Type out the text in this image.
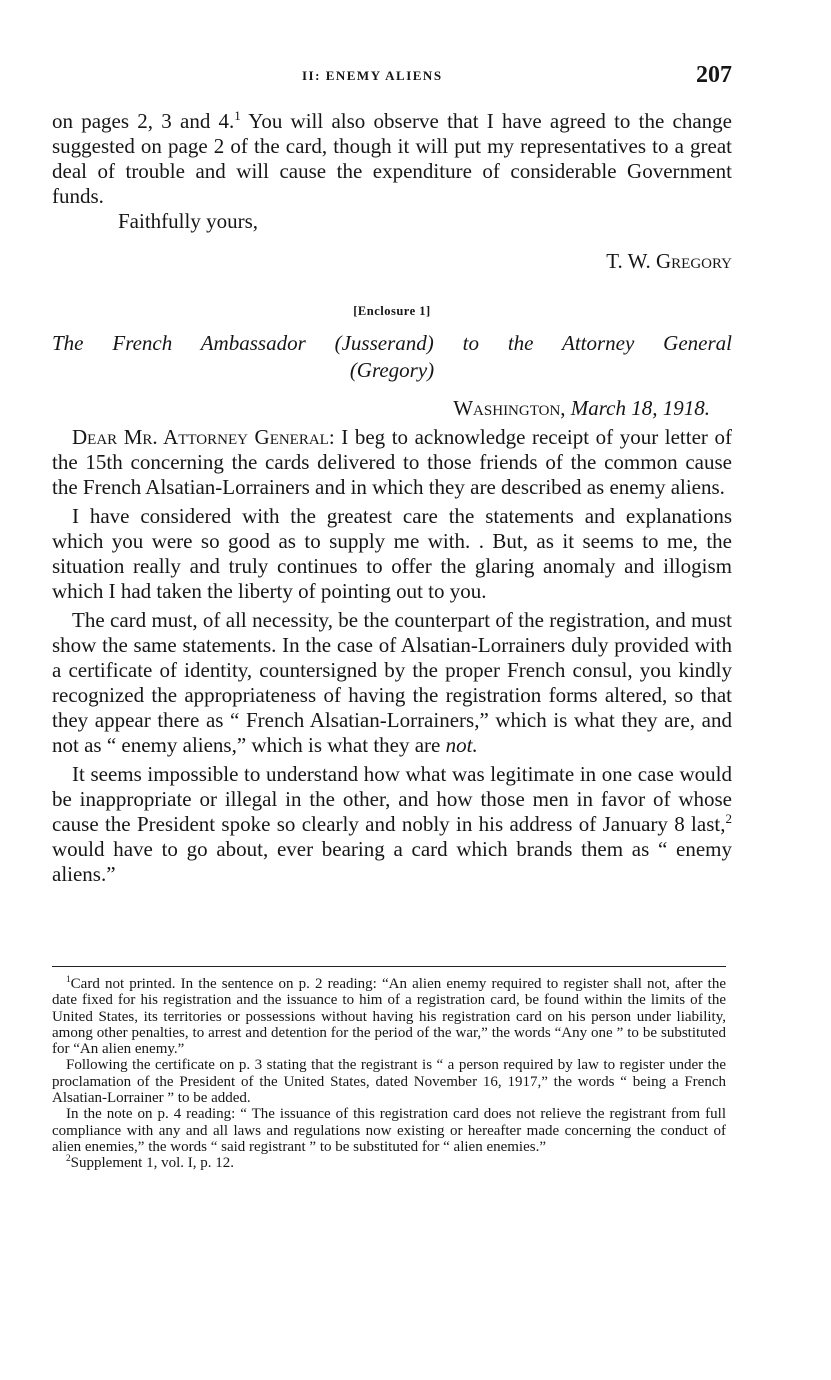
II: ENEMY ALIENS	207

on pages 2, 3 and 4.$^1$ You will also observe that I have agreed to the change suggested on page 2 of the card, though it will put my representatives to a great deal of trouble and will cause the expenditure of considerable Government funds.

Faithfully yours,

T. W. Gregory

[Enclosure 1]

The French Ambassador (Jusserand) to the Attorney General
(Gregory)

Washington, March 18, 1918.

Dear Mr. Attorney General: I beg to acknowledge receipt of your letter of the 15th concerning the cards delivered to those friends of the common cause the French Alsatian-Lorrainers and in which they are described as enemy aliens.

I have considered with the greatest care the statements and explanations which you were so good as to supply me with. . But, as it seems to me, the situation really and truly continues to offer the glaring anomaly and illogism which I had taken the liberty of pointing out to you.

The card must, of all necessity, be the counterpart of the registration, and must show the same statements. In the case of Alsatian-Lorrainers duly provided with a certificate of identity, countersigned by the proper French consul, you kindly recognized the appropriateness of having the registration forms altered, so that they appear there as “ French Alsatian-Lorrainers,” which is what they are, and not as “ enemy aliens,” which is what they are not.

It seems impossible to understand how what was legitimate in one case would be inappropriate or illegal in the other, and how those men in favor of whose cause the President spoke so clearly and nobly in his address of January 8 last,$^2$ would have to go about, ever bearing a card which brands them as “ enemy aliens.”

$^1$Card not printed. In the sentence on p. 2 reading: “An alien enemy required to register shall not, after the date fixed for his registration and the issuance to him of a registration card, be found within the limits of the United States, its territories or possessions without having his registration card on his person under liability, among other penalties, to arrest and detention for the period of the war,” the words “Any one ” to be substituted for “An alien enemy.”

Following the certificate on p. 3 stating that the registrant is “ a person required by law to register under the proclamation of the President of the United States, dated November 16, 1917,” the words “ being a French Alsatian-Lorrainer ” to be added.

In the note on p. 4 reading: “ The issuance of this registration card does not relieve the registrant from full compliance with any and all laws and regulations now existing or hereafter made concerning the conduct of alien enemies,” the words “ said registrant ” to be substituted for “ alien enemies.”

$^2$Supplement 1, vol. I, p. 12.
